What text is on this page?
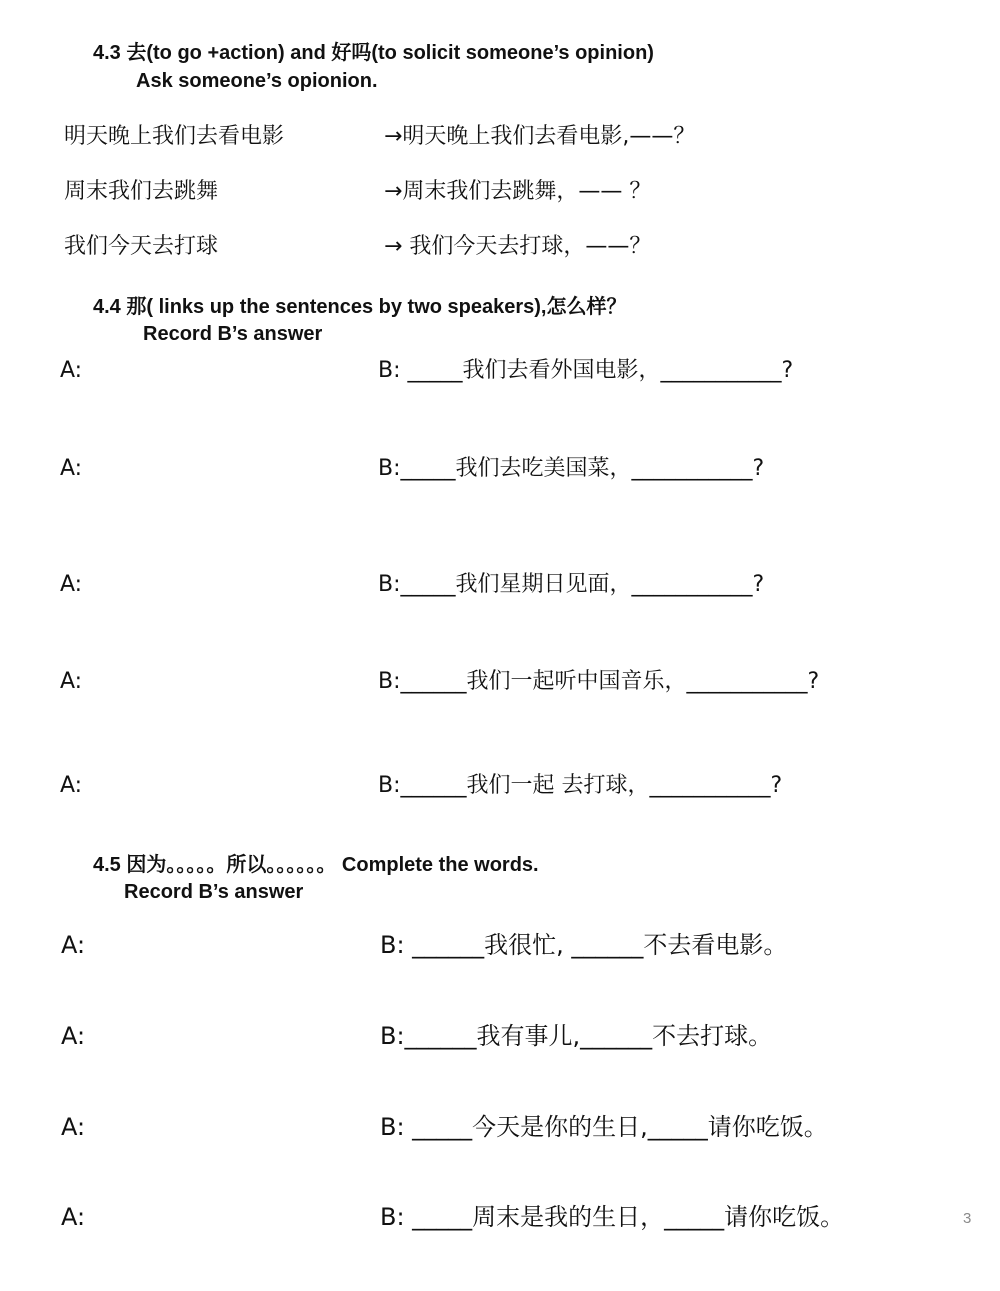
4.3 去(to go +action) and 好吗(to solicit someone’s opinion)
Ask someone’s opionion.
明天晚上我们去看电影	→明天晚上我们去看电影,——？
周末我们去跳舞	→周末我们去跳舞，—— ？
我们今天去打球	→ 我们今天去打球，——？
4.4 那( links up the sentences by two speakers),怎么样？
Record B’s answer
A:	B: _____我们去看外国电影，___________?
A:	B:_____我们去吃美国菜，___________?
A:	B:_____我们星期日见面，___________?
A:	B:______我们一起听中国音乐，___________?
A:	B:______我们一起 去打球，___________?
4.5 因为。。。。。所以。。。。。。 Complete the words.
Record B’s answer
A:	B: ______我很忙, ______不去看电影。
A:	B:______我有事儿,______不去打球。
A:	B: _____今天是你的生日,_____请你吃饭。
A:	B: _____周末是我的生日，_____请你吃饭。	3
